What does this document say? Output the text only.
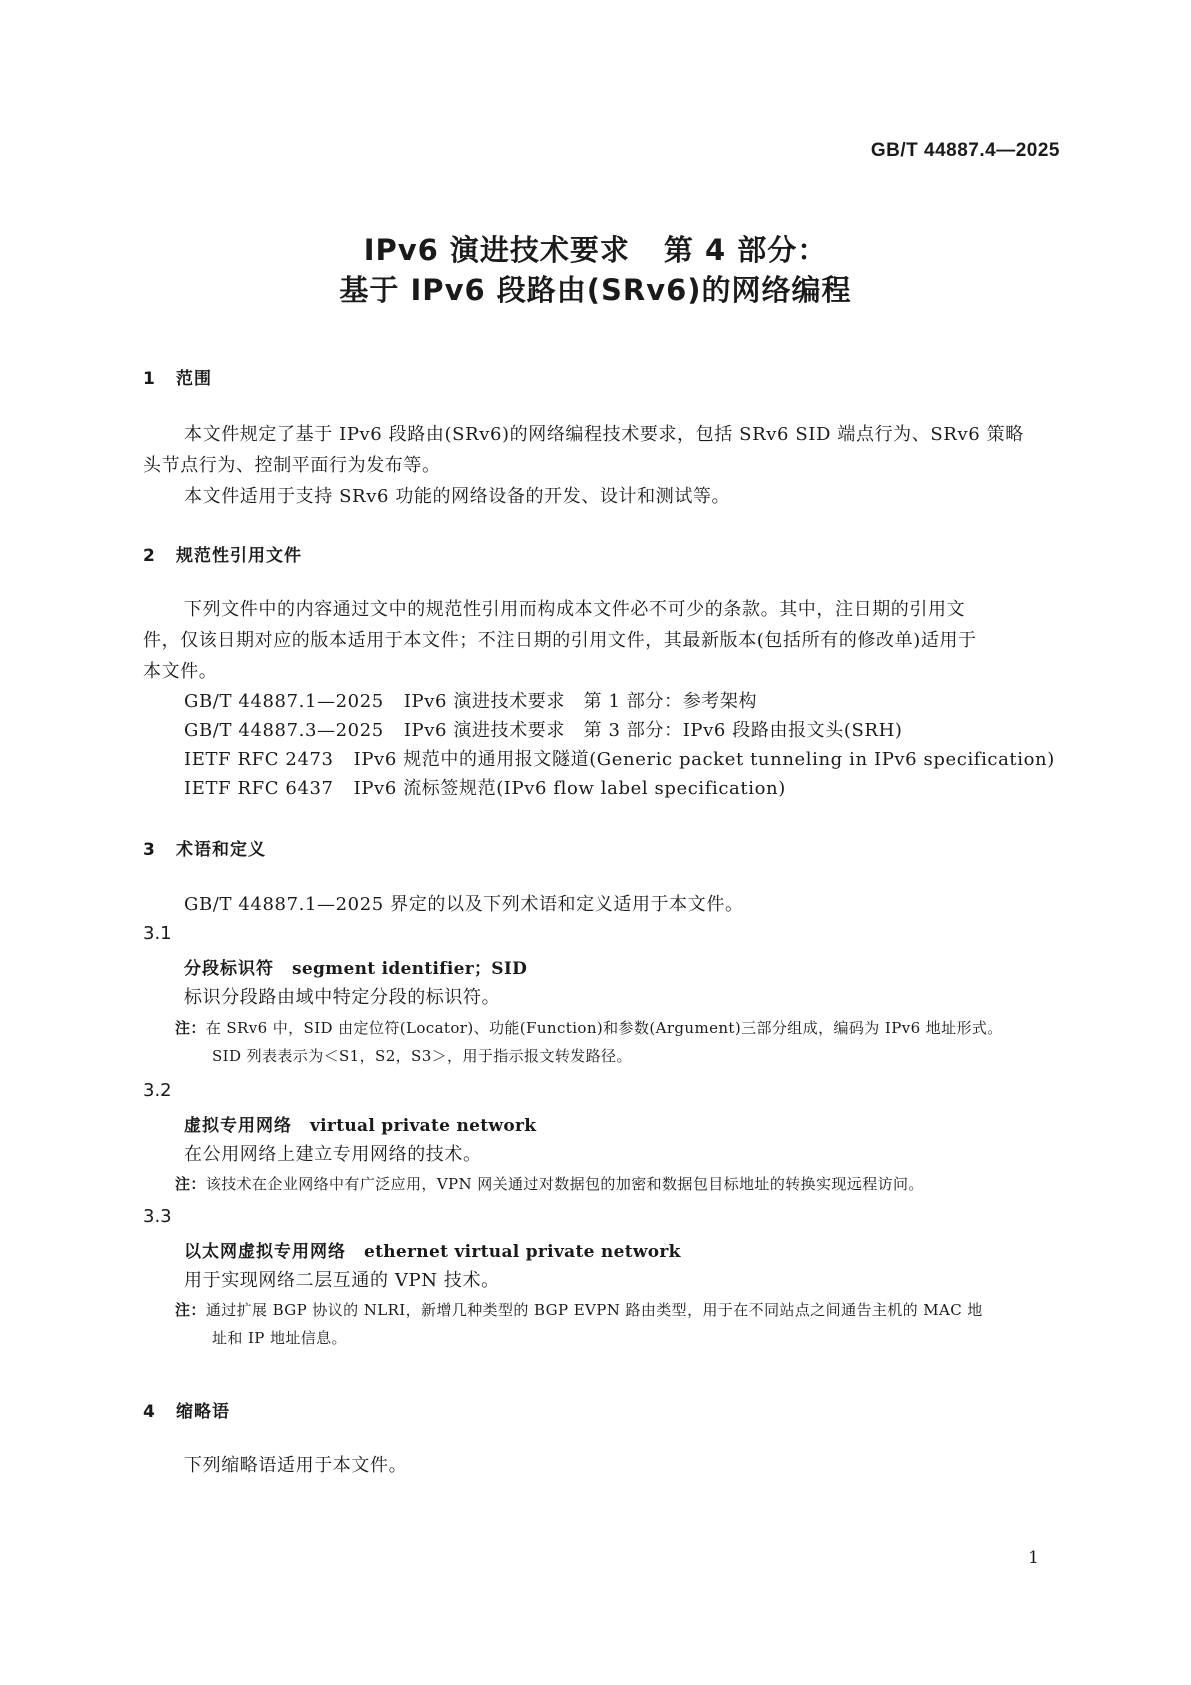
GB/T 44887.4—2025
IPv6 演进技术要求 第 4 部分：
基于 IPv6 段路由(SRv6)的网络编程
1 范围
本文件规定了基于 IPv6 段路由(SRv6)的网络编程技术要求，包括 SRv6 SID 端点行为、SRv6 策略
头节点行为、控制平面行为发布等。
本文件适用于支持 SRv6 功能的网络设备的开发、设计和测试等。
2 规范性引用文件
下列文件中的内容通过文中的规范性引用而构成本文件必不可少的条款。其中，注日期的引用文
件，仅该日期对应的版本适用于本文件；不注日期的引用文件，其最新版本(包括所有的修改单)适用于
本文件。
GB/T 44887.1—2025 IPv6 演进技术要求　第 1 部分：参考架构
GB/T 44887.3—2025 IPv6 演进技术要求　第 3 部分：IPv6 段路由报文头(SRH)
IETF RFC 2473 IPv6 规范中的通用报文隧道(Generic packet tunneling in IPv6 specification)
IETF RFC 6437 IPv6 流标签规范(IPv6 flow label specification)
3 术语和定义
GB/T 44887.1—2025 界定的以及下列术语和定义适用于本文件。
3.1
分段标识符 segment identifier；SID
标识分段路由域中特定分段的标识符。
注：在 SRv6 中，SID 由定位符(Locator)、功能(Function)和参数(Argument)三部分组成，编码为 IPv6 地址形式。
SID 列表表示为＜S1，S2，S3＞，用于指示报文转发路径。
3.2
虚拟专用网络 virtual private network
在公用网络上建立专用网络的技术。
注：该技术在企业网络中有广泛应用，VPN 网关通过对数据包的加密和数据包目标地址的转换实现远程访问。
3.3
以太网虚拟专用网络 ethernet virtual private network
用于实现网络二层互通的 VPN 技术。
注：通过扩展 BGP 协议的 NLRI，新增几种类型的 BGP EVPN 路由类型，用于在不同站点之间通告主机的 MAC 地
址和 IP 地址信息。
4 缩略语
下列缩略语适用于本文件。
1
